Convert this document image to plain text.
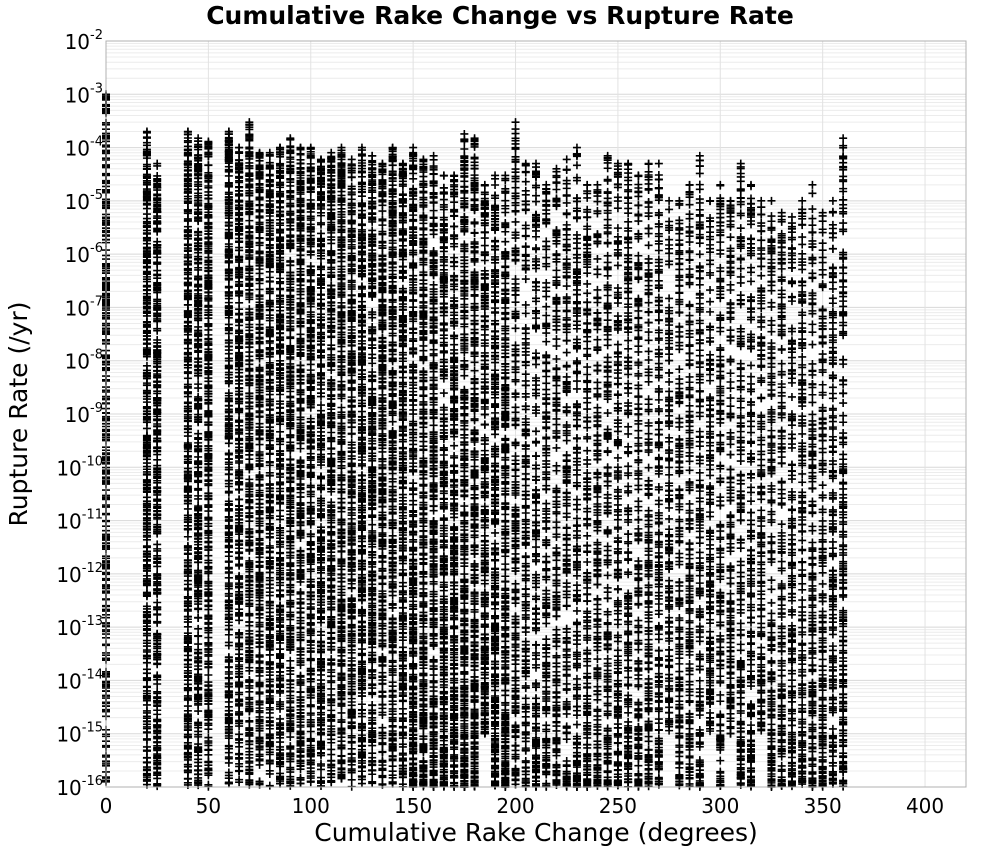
$10^{-16}$
$10^{-15}$
$10^{-14}$
$10^{-13}$
$10^{-12}$
$10^{-11}$
$10^{-10}$
$10^{-9}$
$10^{-8}$
$10^{-7}$
$10^{-6}$
$10^{-5}$
$10^{-4}$
$10^{-3}$
$10^{-2}$
0	50	100	150	200	250	300	350	400
Cumulative Rake Change vs Rupture Rate
Cumulative Rake Change (degrees)
Rupture Rate (/yr)
